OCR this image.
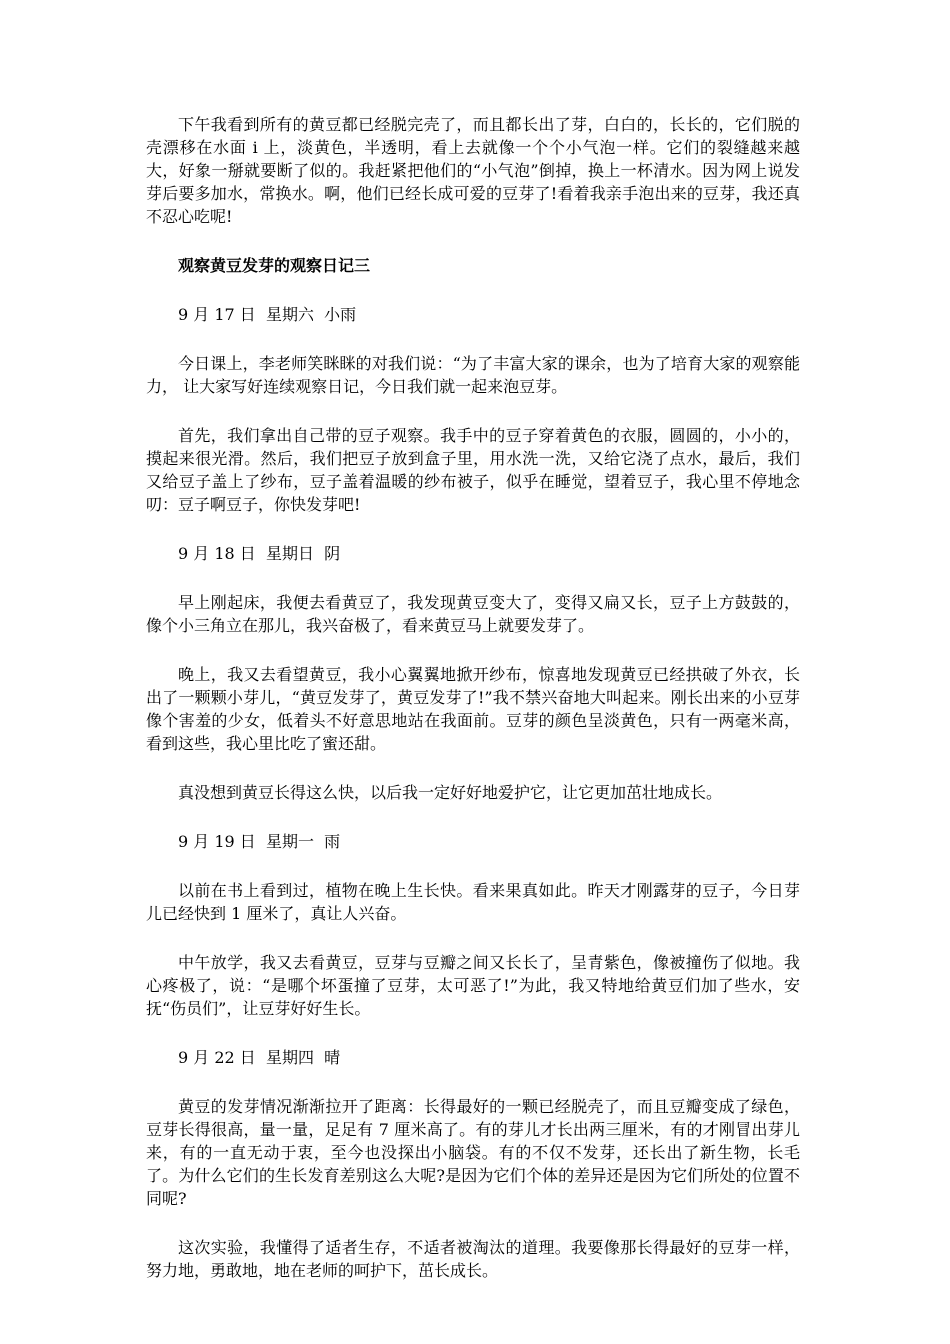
下午我看到所有的黄豆都已经脱完壳了，而且都长出了芽，白白的，长长的，它们脱的壳漂移在水面 i 上，淡黄色，半透明，看上去就像一个个小气泡一样。它们的裂缝越来越大，好象一掰就要断了似的。我赶紧把他们的“小气泡”倒掉，换上一杯清水。因为网上说发芽后要多加水，常换水。啊，他们已经长成可爱的豆芽了!看着我亲手泡出来的豆芽，我还真不忍心吃呢!

观察黄豆发芽的观察日记三

9 月 17 日  星期六  小雨

今日课上，李老师笑眯眯的对我们说：“为了丰富大家的课余，也为了培育大家的观察能力， 让大家写好连续观察日记，今日我们就一起来泡豆芽。

首先，我们拿出自己带的豆子观察。我手中的豆子穿着黄色的衣服，圆圆的，小小的，摸起来很光滑。然后，我们把豆子放到盒子里，用水洗一洗，又给它浇了点水，最后，我们又给豆子盖上了纱布，豆子盖着温暖的纱布被子，似乎在睡觉，望着豆子，我心里不停地念叨：豆子啊豆子，你快发芽吧!

9 月 18 日  星期日  阴

早上刚起床，我便去看黄豆了，我发现黄豆变大了，变得又扁又长，豆子上方鼓鼓的，像个小三角立在那儿，我兴奋极了，看来黄豆马上就要发芽了。

晚上，我又去看望黄豆，我小心翼翼地掀开纱布，惊喜地发现黄豆已经拱破了外衣，长出了一颗颗小芽儿，“黄豆发芽了，黄豆发芽了!”我不禁兴奋地大叫起来。刚长出来的小豆芽像个害羞的少女，低着头不好意思地站在我面前。豆芽的颜色呈淡黄色，只有一两毫米高，看到这些，我心里比吃了蜜还甜。

真没想到黄豆长得这么快，以后我一定好好地爱护它，让它更加茁壮地成长。

9 月 19 日  星期一  雨

以前在书上看到过，植物在晚上生长快。看来果真如此。昨天才刚露芽的豆子，今日芽儿已经快到 1 厘米了，真让人兴奋。

中午放学，我又去看黄豆，豆芽与豆瓣之间又长长了，呈青紫色，像被撞伤了似地。我心疼极了，说：“是哪个坏蛋撞了豆芽，太可恶了!”为此，我又特地给黄豆们加了些水，安抚“伤员们”，让豆芽好好生长。

9 月 22 日  星期四  晴

黄豆的发芽情况渐渐拉开了距离：长得最好的一颗已经脱壳了，而且豆瓣变成了绿色，豆芽长得很高，量一量，足足有 7 厘米高了。有的芽儿才长出两三厘米，有的才刚冒出芽儿来，有的一直无动于衷，至今也没探出小脑袋。有的不仅不发芽，还长出了新生物，长毛了。为什么它们的生长发育差别这么大呢?是因为它们个体的差异还是因为它们所处的位置不同呢?

这次实验，我懂得了适者生存，不适者被淘汰的道理。我要像那长得最好的豆芽一样，努力地，勇敢地，地在老师的呵护下，茁长成长。
